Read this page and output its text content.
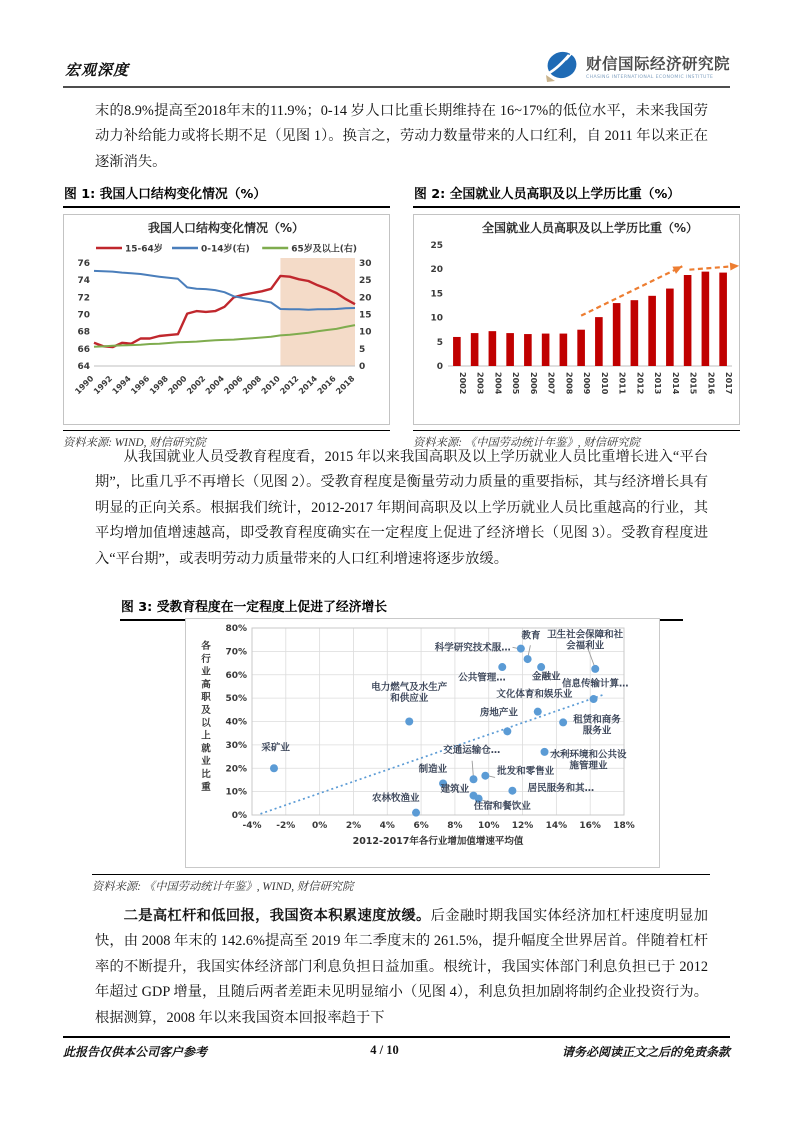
宏观深度	财信国际经济研究院
CHASING INTERNATIONAL ECONOMIC INSTITUTE

末的8.9%提高至2018年末的11.9%；0-14 岁人口比重长期维持在 16~17%的低位水平，未来我国劳动力补给能力或将长期不足（见图 1）。换言之，劳动力数量带来的人口红利，自 2011 年以来正在逐渐消失。

图 1: 我国人口结构变化情况（%）
我国人口结构变化情况（%）
15-64岁	0-14岁(右)	65岁及以上(右)
64
66
68
70
72
74
76
0
5
10
15
20
25
30
1990
1992
1994
1996
1998
2000
2002
2004
2006
2008
2010
2012
2014
2016
2018
资料来源: WIND, 财信研究院
图 2: 全国就业人员高职及以上学历比重（%）
全国就业人员高职及以上学历比重（%）
0
5
10
15
20
25
2002 2003 2004 2005 2006 2007 2008 2009 2010 2011 2012 2013 2014 2015 2016 2017
资料来源: 《中国劳动统计年鉴》, 财信研究院

从我国就业人员受教育程度看，2015 年以来我国高职及以上学历就业人员比重增长进入“平台期”，比重几乎不再增长（见图 2）。受教育程度是衡量劳动力质量的重要指标，其与经济增长具有明显的正向关系。根据我们统计，2012-2017 年期间高职及以上学历就业人员比重越高的行业，其平均增加值增速越高，即受教育程度确实在一定程度上促进了经济增长（见图 3）。受教育程度进入“平台期”，或表明劳动力质量带来的人口红利增速将逐步放缓。

图 3: 受教育程度在一定程度上促进了经济增长
0%
10%
20%
30%
40%
50%
60%
70%
80%
-4% -2% 0% 2% 4% 6% 8% 10% 12% 14% 16% 18%
2012-2017年各行业增加值增速平均值
各
行
业
高
职
及
以
上
就
业
比
重
采矿业
农林牧渔业
电力燃气及水生产和供应业
制造业
交通运输仓…
批发和零售业
建筑业
住宿和餐饮业
居民服务和其…
房地产业
文化体育和娱乐业
公共管理…
科学研究技术服…
教育
金融业
卫生社会保障和社会福利业
信息传输计算…
水利环境和公共设施管理业
租赁和商务服务业
资料来源: 《中国劳动统计年鉴》, WIND, 财信研究院

二是高杠杆和低回报，我国资本积累速度放缓。后金融时期我国实体经济加杠杆速度明显加快，由 2008 年末的 142.6%提高至 2019 年二季度末的 261.5%，提升幅度全世界居首。伴随着杠杆率的不断提升，我国实体经济部门利息负担日益加重。根统计，我国实体部门利息负担已于 2012 年超过 GDP 增量，且随后两者差距未见明显缩小（见图 4），利息负担加剧将制约企业投资行为。根据测算，2008 年以来我国资本回报率趋于下

此报告仅供本公司客户参考	4 / 10	请务必阅读正文之后的免责条款
